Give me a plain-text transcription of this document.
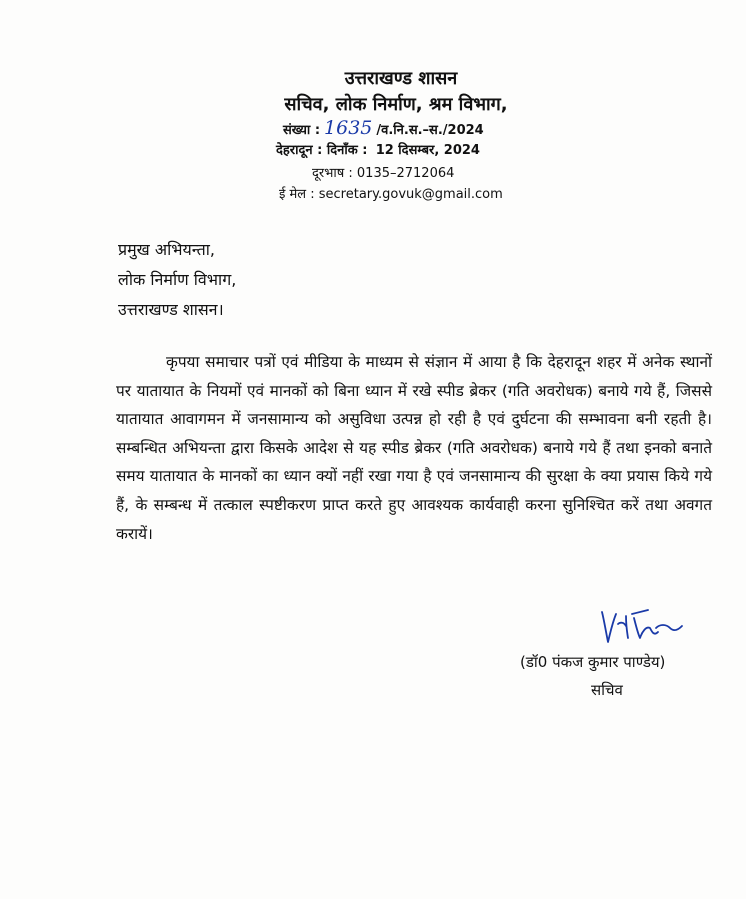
उत्तराखण्ड शासन
सचिव, लोक निर्माण, श्रम विभाग,
संख्या : 1635 /व.नि.स.–स./2024
देहरादून : दिनाँक : 12 दिसम्बर, 2024
दूरभाष : 0135–2712064
ई मेल : secretary.govuk@gmail.com
प्रमुख अभियन्ता,
लोक निर्माण विभाग,
उत्तराखण्ड शासन।

कृपया समाचार पत्रों एवं मीडिया के माध्यम से संज्ञान में आया है कि देहरादून शहर में अनेक स्थानों पर यातायात के नियमों एवं मानकों को बिना ध्यान में रखे स्पीड ब्रेकर (गति अवरोधक) बनाये गये हैं, जिससे यातायात आवागमन में जनसामान्य को असुविधा उत्पन्न हो रही है एवं दुर्घटना की सम्भावना बनी रहती है। सम्बन्धित अभियन्ता द्वारा किसके आदेश से यह स्पीड ब्रेकर (गति अवरोधक) बनाये गये हैं तथा इनको बनाते समय यातायात के मानकों का ध्यान क्यों नहीं रखा गया है एवं जनसामान्य की सुरक्षा के क्या प्रयास किये गये हैं, के सम्बन्ध में तत्काल स्पष्टीकरण प्राप्त करते हुए आवश्यक कार्यवाही करना सुनिश्चित करें तथा अवगत करायें।

(डॉ0 पंकज कुमार पाण्डेय)
सचिव
